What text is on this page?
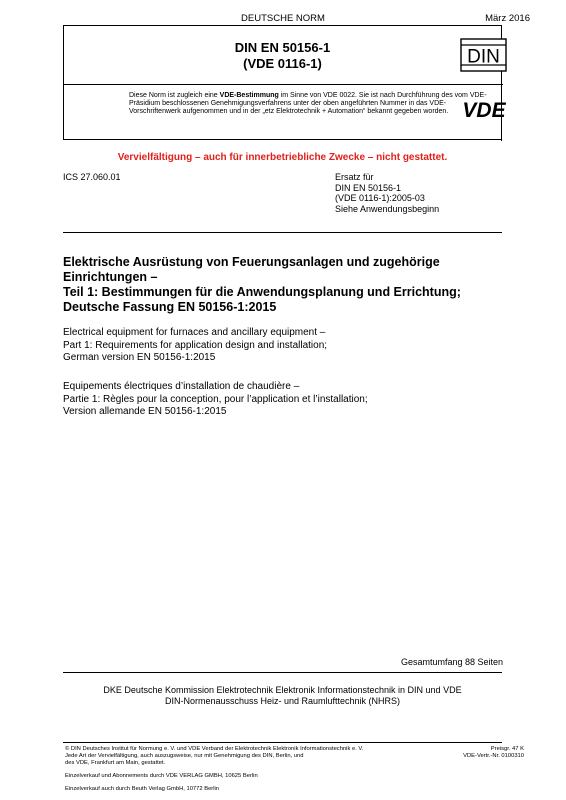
DEUTSCHE NORM	März 2016
DIN EN 50156-1
(VDE 0116-1)
Diese Norm ist zugleich eine VDE-Bestimmung im Sinne von VDE 0022. Sie ist nach Durchführung des vom VDE-Präsidium beschlossenen Genehmigungsverfahrens unter der oben angeführten Nummer in das VDE-Vorschriftenwerk aufgenommen und in der „etz Elektrotechnik + Automation“ bekannt gegeben worden.
DIN
VDE
Vervielfältigung – auch für innerbetriebliche Zwecke – nicht gestattet.
ICS 27.060.01	Ersatz für
DIN EN 50156-1
(VDE 0116-1):2005-03
Siehe Anwendungsbeginn
Elektrische Ausrüstung von Feuerungsanlagen und zugehörige
Einrichtungen –
Teil 1: Bestimmungen für die Anwendungsplanung und Errichtung;
Deutsche Fassung EN 50156-1:2015
Electrical equipment for furnaces and ancillary equipment –
Part 1: Requirements for application design and installation;
German version EN 50156-1:2015
Equipements électriques d’installation de chaudière –
Partie 1: Règles pour la conception, pour l’application et l’installation;
Version allemande EN 50156-1:2015
Gesamtumfang 88 Seiten
DKE Deutsche Kommission Elektrotechnik Elektronik Informationstechnik in DIN und VDE
DIN-Normenausschuss Heiz- und Raumlufttechnik (NHRS)
© DIN Deutsches Institut für Normung e. V. und VDE Verband der Elektrotechnik Elektronik Informationstechnik e. V.
Jede Art der Vervielfältigung, auch auszugsweise, nur mit Genehmigung des DIN, Berlin, und
des VDE, Frankfurt am Main, gestattet.
Preisgr. 47 K
VDE-Vertr.-Nr. 0100310
Einzelverkauf und Abonnements durch VDE VERLAG GMBH, 10625 Berlin
Einzelverkauf auch durch Beuth Verlag GmbH, 10772 Berlin
